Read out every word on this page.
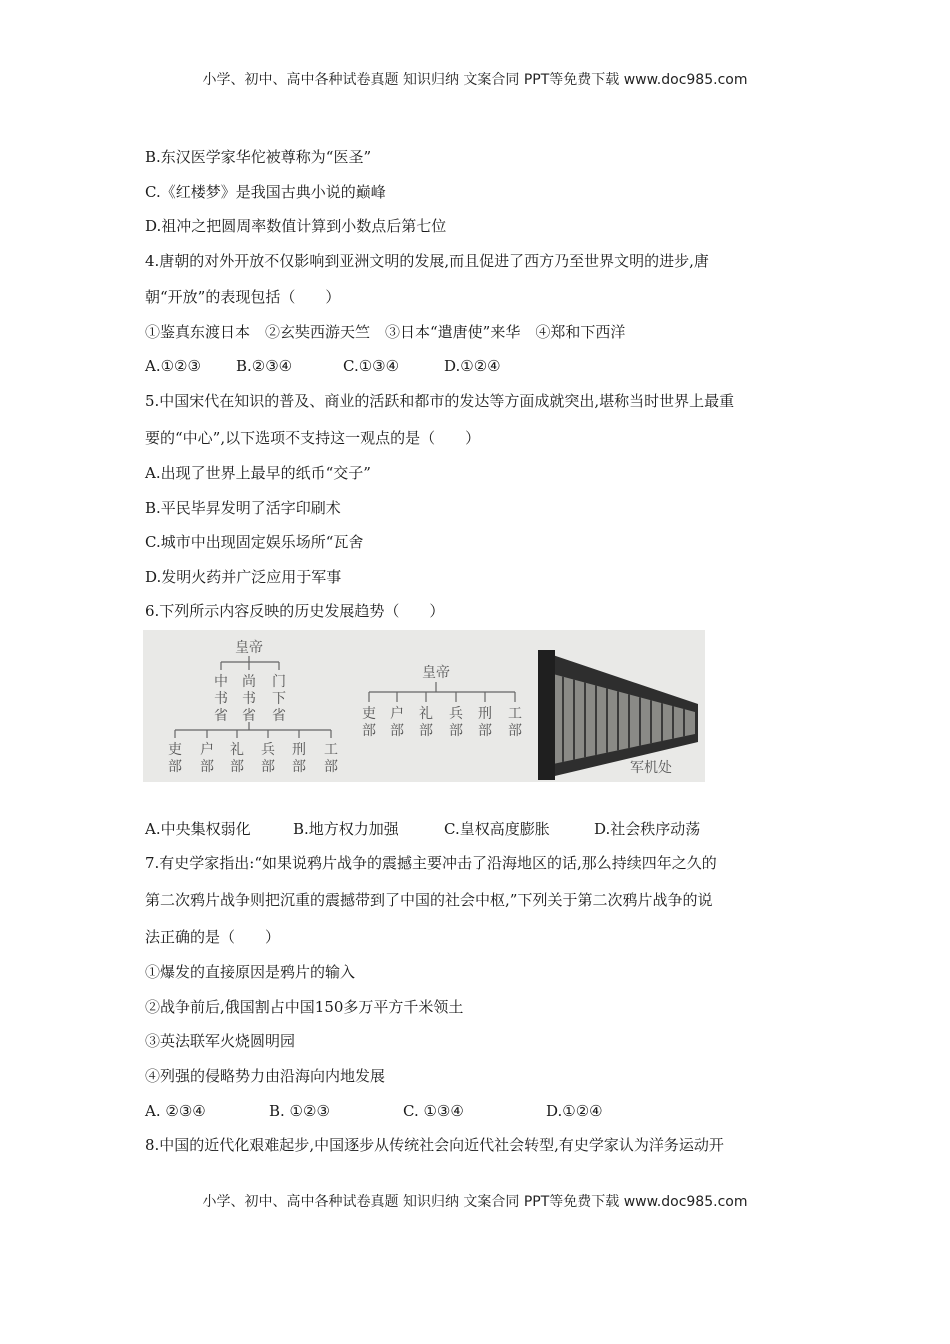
小学、初中、高中各种试卷真题 知识归纳 文案合同 PPT等免费下载 www.doc985.com
B.东汉医学家华佗被尊称为“医圣”
C.《红楼梦》是我国古典小说的巅峰
D.祖冲之把圆周率数值计算到小数点后第七位
4.唐朝的对外开放不仅影响到亚洲文明的发展,而且促进了西方乃至世界文明的进步,唐
朝“开放”的表现包括（　　）
①鉴真东渡日本　②玄奘西游天竺　③日本“遣唐使”来华　④郑和下西洋
A.①②③ B.②③④	C.①③④	D.①②④
5.中国宋代在知识的普及、商业的活跃和都市的发达等方面成就突出,堪称当时世界上最重
要的“中心”,以下选项不支持这一观点的是（　　）
A.出现了世界上最早的纸币“交子”
B.平民毕昇发明了活字印刷术
C.城市中出现固定娱乐场所“瓦舍
D.发明火药并广泛应用于军事
6.下列所示内容反映的历史发展趋势（　　）
皇帝
中书省
尚书省
门下省
吏部
户部
礼部
兵部
刑部
工部
皇帝
吏部
户部
礼部
兵部
刑部
工部
军机处
A.中央集权弱化	B.地方权力加强	C.皇权高度膨胀	D.社会秩序动荡
7.有史学家指出:“如果说鸦片战争的震撼主要冲击了沿海地区的话,那么持续四年之久的
第二次鸦片战争则把沉重的震撼带到了中国的社会中枢,”下列关于第二次鸦片战争的说
法正确的是（　　）
①爆发的直接原因是鸦片的输入
②战争前后,俄国割占中国150多万平方千米领土
③英法联军火烧圆明园
④列强的侵略势力由沿海向内地发展
A. ②③④	B. ①②③	C. ①③④	D.①②④
8.中国的近代化艰难起步,中国逐步从传统社会向近代社会转型,有史学家认为洋务运动开
小学、初中、高中各种试卷真题 知识归纳 文案合同 PPT等免费下载 www.doc985.com
